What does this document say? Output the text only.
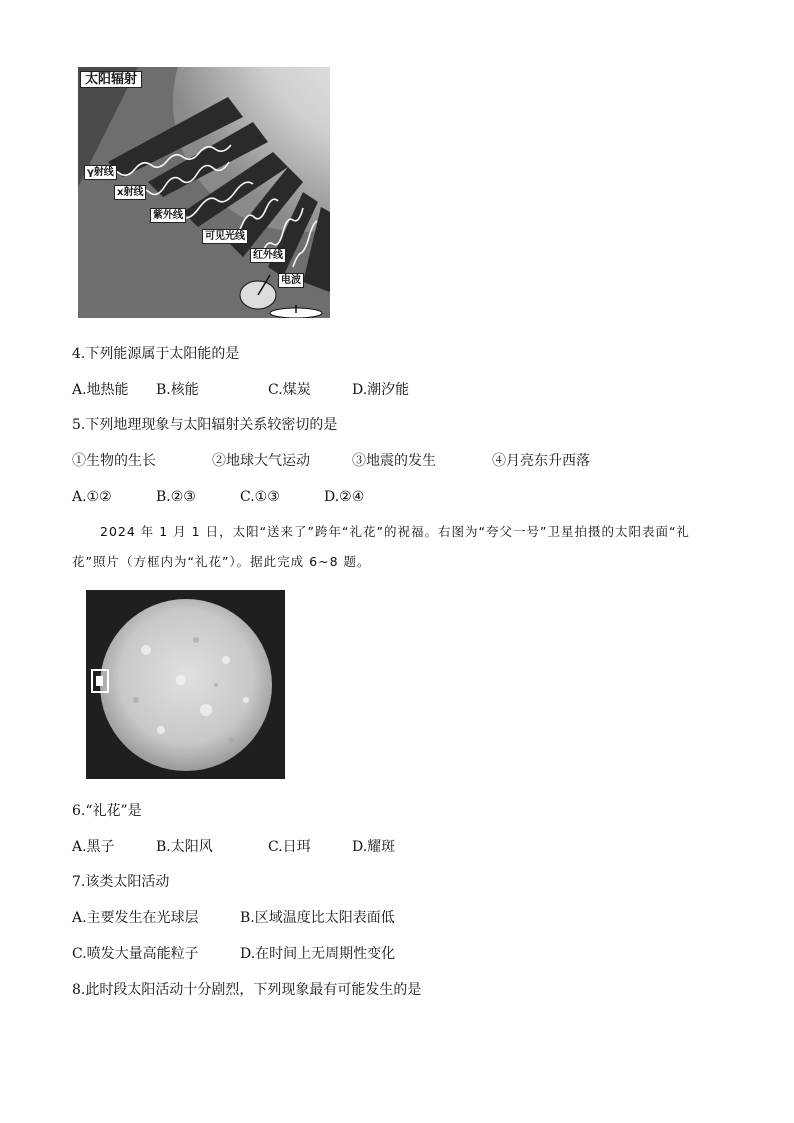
太阳辐射
γ射线
x射线
紫外线
可见光线
红外线
电波
4.下列能源属于太阳能的是
A.地热能 B.核能	C.煤炭	D.潮汐能
5.下列地理现象与太阳辐射关系较密切的是
①生物的生长	②地球大气运动	③地震的发生	④月亮东升西落
A.①②	B.②③	C.①③	D.②④
2024 年 1 月 1 日，太阳“送来了”跨年“礼花”的祝福。右图为“夸父一号”卫星拍摄的太阳表面“礼花”照片（方框内为“礼花”）。据此完成 6~8 题。
6.“礼花”是
A.黑子	B.太阳风	C.日珥	D.耀斑
7.该类太阳活动
A.主要发生在光球层	B.区域温度比太阳表面低
C.喷发大量高能粒子	D.在时间上无周期性变化
8.此时段太阳活动十分剧烈，下列现象最有可能发生的是
